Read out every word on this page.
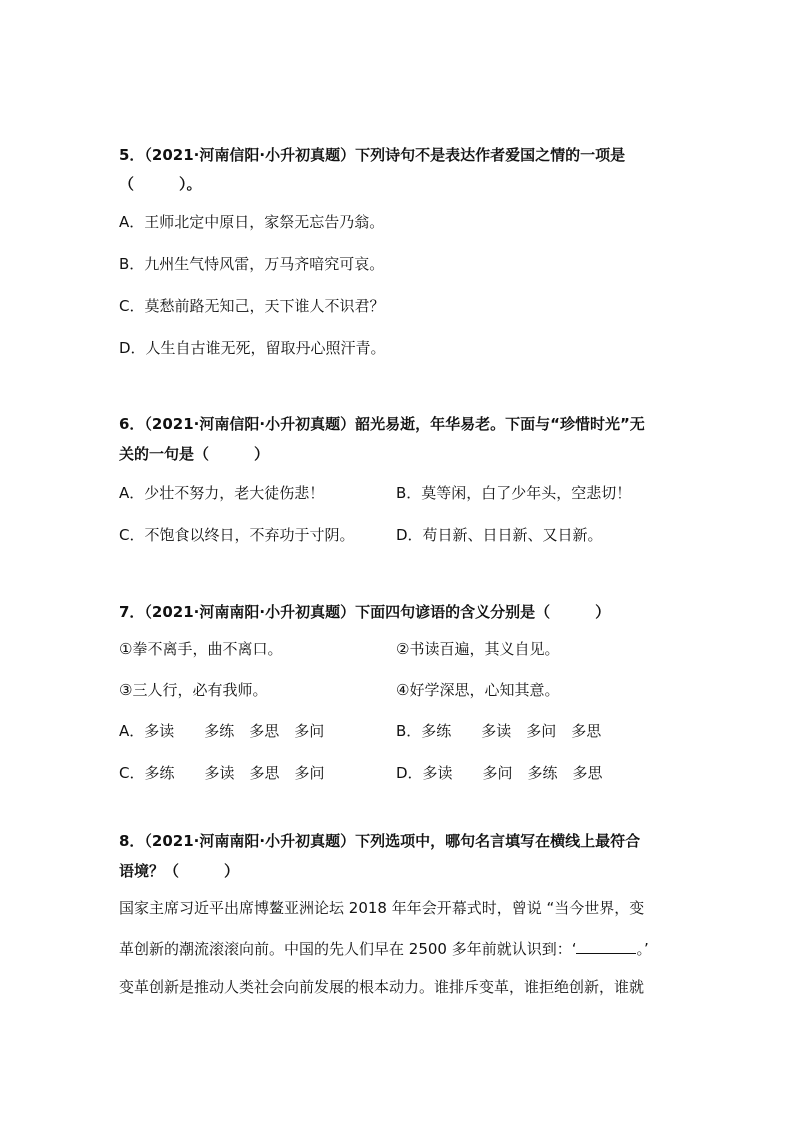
5．（2021·河南信阳·小升初真题）下列诗句不是表达作者爱国之情的一项是
（　　　）。
A．王师北定中原日，家祭无忘告乃翁。
B．九州生气恃风雷，万马齐喑究可哀。
C．莫愁前路无知己，天下谁人不识君？
D．人生自古谁无死，留取丹心照汗青。
6．（2021·河南信阳·小升初真题）韶光易逝，年华易老。下面与“珍惜时光”无
关的一句是（　　　）
A．少壮不努力，老大徒伤悲！	B．莫等闲，白了少年头，空悲切！
C．不饱食以终日，不弃功于寸阴。	D．苟日新、日日新、又日新。
7．（2021·河南南阳·小升初真题）下面四句谚语的含义分别是（　　　）
①拳不离手，曲不离口。	②书读百遍，其义自见。
③三人行，必有我师。	④好学深思，心知其意。
A．多读　　多练　多思　多问	B．多练　　多读　多问　多思
C．多练　　多读　多思　多问	D．多读　　多问　多练　多思
8．（2021·河南南阳·小升初真题）下列选项中，哪句名言填写在横线上最符合
语境？（　　　）
国家主席习近平出席博鳌亚洲论坛 2018 年年会开幕式时，曾说 “当今世界，变
革创新的潮流滚滚向前。中国的先人们早在 2500 多年前就认识到：‘	。’
变革创新是推动人类社会向前发展的根本动力。谁排斥变革，谁拒绝创新，谁就
